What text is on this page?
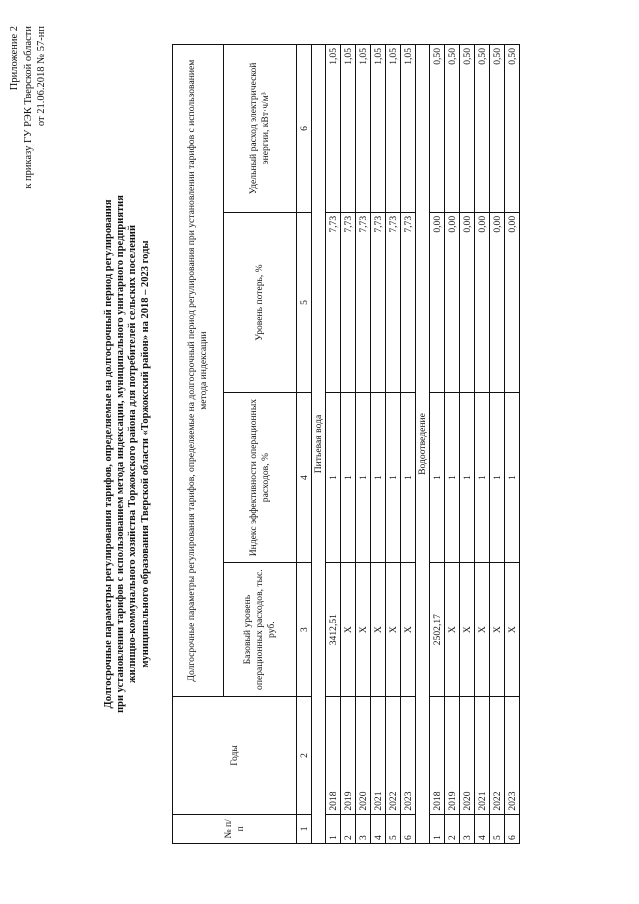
Приложение 2 к приказу ГУ РЭК Тверской области от 21.06.2018 № 57-нп
Долгосрочные параметры регулирования тарифов, определяемые на долгосрочный период регулирования при установлении тарифов с использованием метода индексации, муниципального унитарного предприятия жилищно-коммунального хозяйства Торжокского района для потребителей сельских поселений муниципального образования Тверской области «Торжокский район» на 2018 – 2023 годы
№ п/п	Годы	Долгосрочные параметры регулирования тарифов, определяемые на долгосрочный период регулирования при установлении тарифов с использованием метода индексации			
		Базовый уровень операционных расходов, тыс. руб.	Индекс эффективности операционных расходов, %	Уровень потерь, %	Удельный расход электрической энергии, кВт·ч/м³
1	2	3	4	5	6
Питьевая вода					
1	2018	3412,51	1	7,73	1,05
2	2019	Х	1	7,73	1,05
3	2020	Х	1	7,73	1,05
4	2021	Х	1	7,73	1,05
5	2022	Х	1	7,73	1,05
6	2023	Х	1	7,73	1,05
Водоотведение					
1	2018	2502,17	1	0,00	0,50
2	2019	Х	1	0,00	0,50
3	2020	Х	1	0,00	0,50
4	2021	Х	1	0,00	0,50
5	2022	Х	1	0,00	0,50
6	2023	Х	1	0,00	0,50
